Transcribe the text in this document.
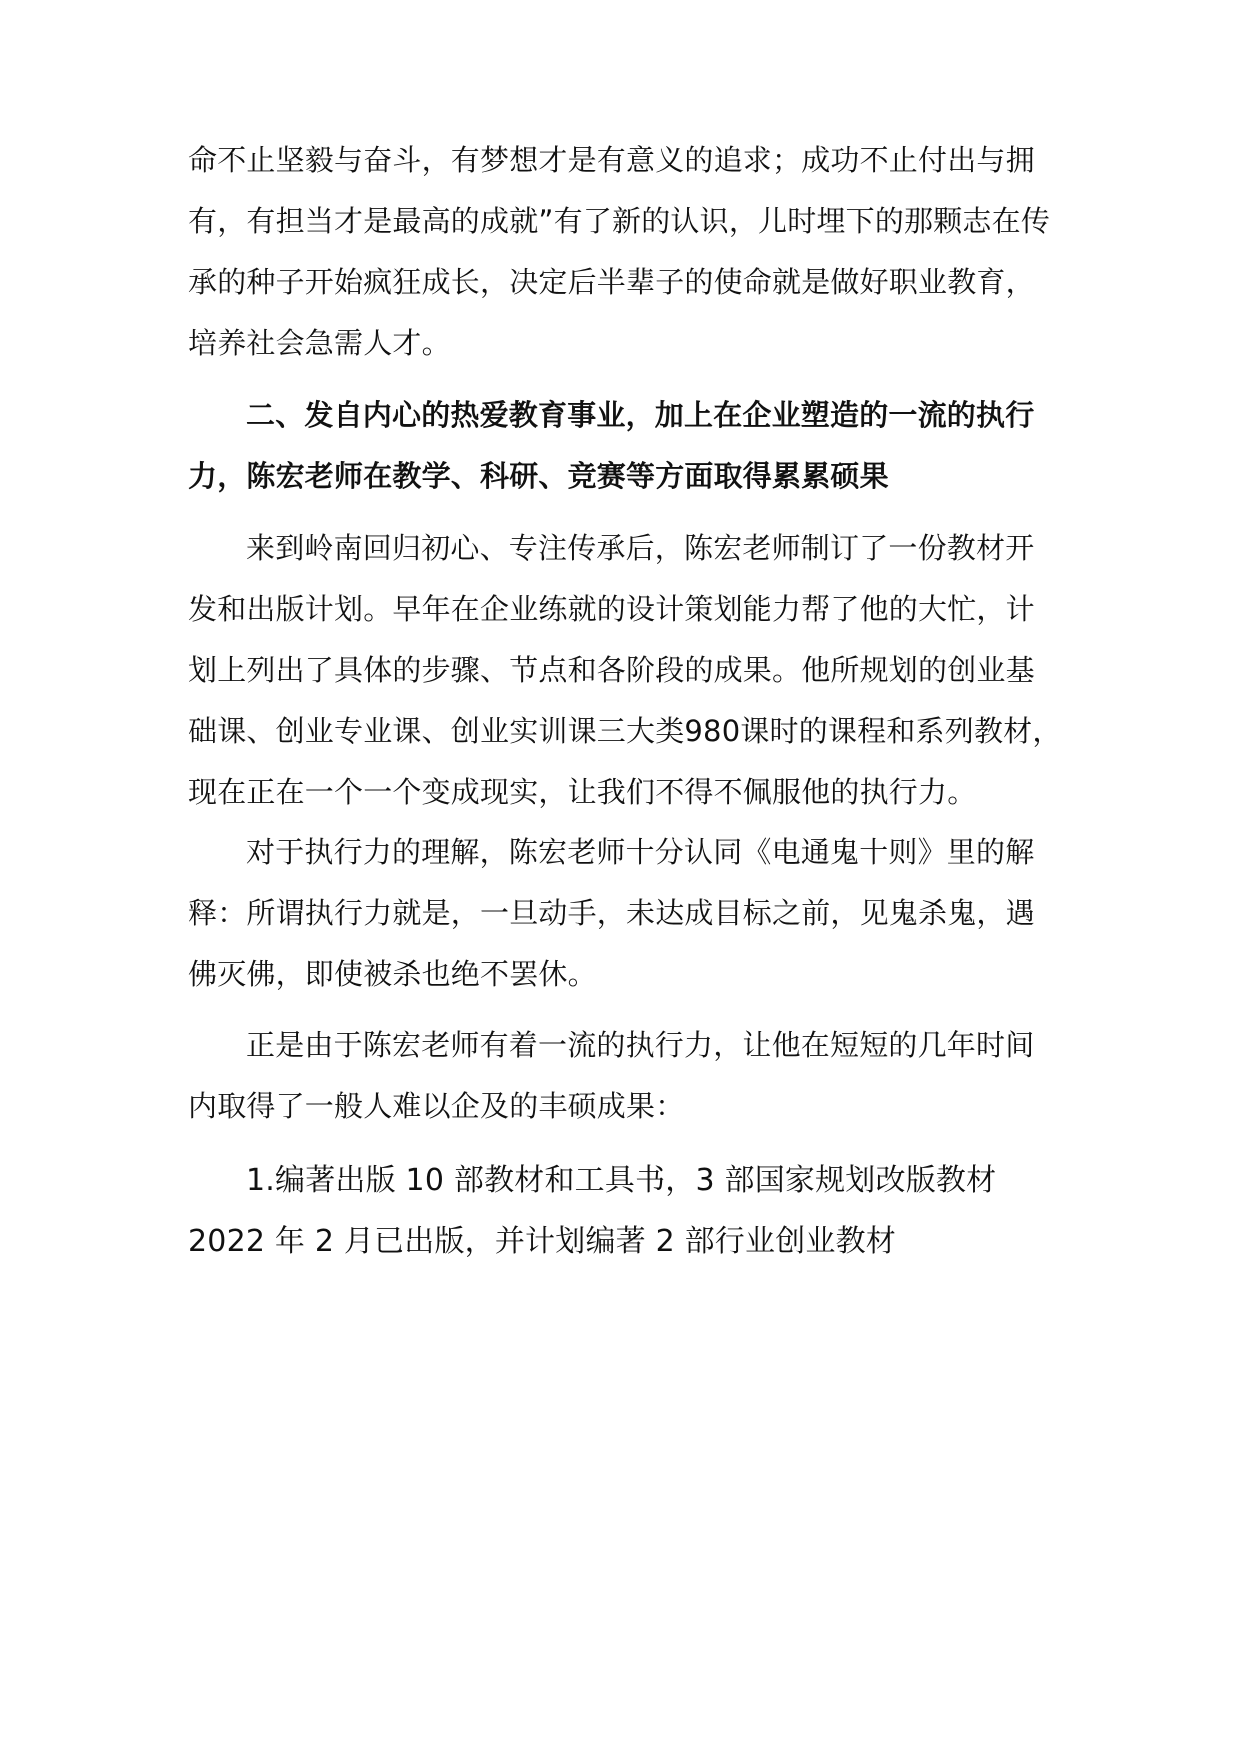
命不止坚毅与奋斗，有梦想才是有意义的追求；成功不止付出与拥
有，有担当才是最高的成就”有了新的认识，儿时埋下的那颗志在传
承的种子开始疯狂成长，决定后半辈子的使命就是做好职业教育，
培养社会急需人才。
二、发自内心的热爱教育事业，加上在企业塑造的一流的执行
力，陈宏老师在教学、科研、竞赛等方面取得累累硕果
来到岭南回归初心、专注传承后，陈宏老师制订了一份教材开
发和出版计划。早年在企业练就的设计策划能力帮了他的大忙，计
划上列出了具体的步骤、节点和各阶段的成果。他所规划的创业基
础课、创业专业课、创业实训课三大类980课时的课程和系列教材，
现在正在一个一个变成现实，让我们不得不佩服他的执行力。
对于执行力的理解，陈宏老师十分认同《电通鬼十则》里的解
释：所谓执行力就是，一旦动手，未达成目标之前，见鬼杀鬼，遇
佛灭佛，即使被杀也绝不罢休。
正是由于陈宏老师有着一流的执行力，让他在短短的几年时间
内取得了一般人难以企及的丰硕成果：
1.编著出版 10 部教材和工具书，3 部国家规划改版教材
2022 年 2 月已出版，并计划编著 2 部行业创业教材
